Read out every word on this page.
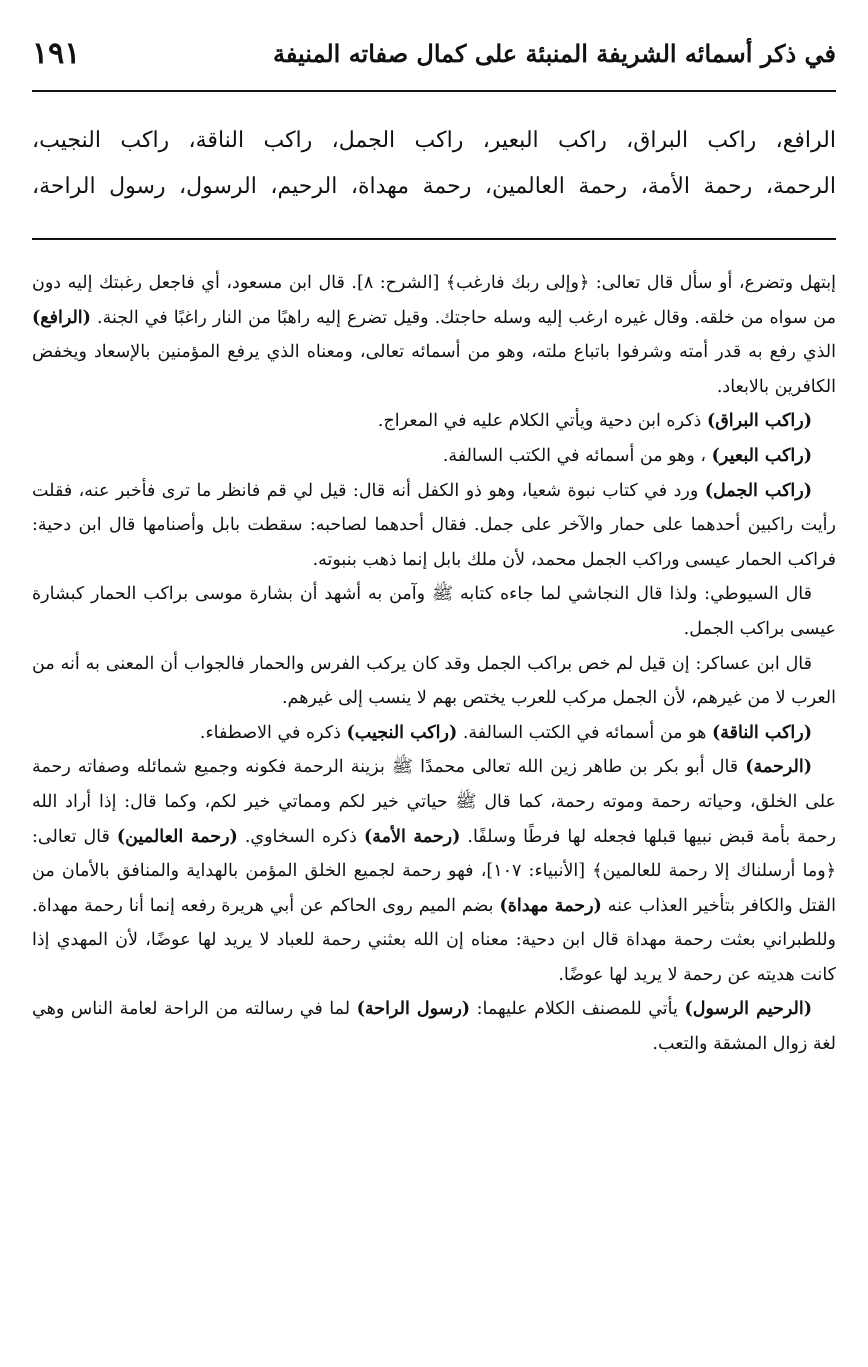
في ذكر أسمائه الشريفة المنبئة على كمال صفاته المنيفة
١٩١

الرافع، راكب البراق، راكب البعير، راكب الجمل، راكب الناقة، راكب النجيب،

الرحمة، رحمة الأمة، رحمة العالمين، رحمة مهداة، الرحيم، الرسول، رسول الراحة،

إبتهل وتضرع، أو سأل قال تعالى: ﴿وإلى ربك فارغب﴾ [الشرح: ٨]. قال ابن مسعود، أي فاجعل رغبتك إليه دون من سواه من خلقه. وقال غيره ارغب إليه وسله حاجتك. وقيل تضرع إليه راهبًا من النار راغبًا في الجنة. (الرافع) الذي رفع به قدر أمته وشرفوا باتباع ملته، وهو من أسمائه تعالى، ومعناه الذي يرفع المؤمنين بالإسعاد ويخفض الكافرين بالابعاد.

(راكب البراق) ذكره ابن دحية ويأتي الكلام عليه في المعراج.

(راكب البعير) ، وهو من أسمائه في الكتب السالفة.

(راكب الجمل) ورد في كتاب نبوة شعيا، وهو ذو الكفل أنه قال: قيل لي قم فانظر ما ترى فأخبر عنه، فقلت رأيت راكبين أحدهما على حمار والآخر على جمل. فقال أحدهما لصاحبه: سقطت بابل وأصنامها قال ابن دحية: فراكب الحمار عيسى وراكب الجمل محمد، لأن ملك بابل إنما ذهب بنبوته.

قال السيوطي: ولذا قال النجاشي لما جاءه كتابه ﷺ وآمن به أشهد أن بشارة موسى براكب الحمار كبشارة عيسى براكب الجمل.

قال ابن عساكر: إن قيل لم خص براكب الجمل وقد كان يركب الفرس والحمار فالجواب أن المعنى به أنه من العرب لا من غيرهم، لأن الجمل مركب للعرب يختص بهم لا ينسب إلى غيرهم.

(راكب الناقة) هو من أسمائه في الكتب السالفة. (راكب النجيب) ذكره في الاصطفاء.

(الرحمة) قال أبو بكر بن طاهر زين الله تعالى محمدًا ﷺ بزينة الرحمة فكونه وجميع شمائله وصفاته رحمة على الخلق، وحياته رحمة وموته رحمة، كما قال ﷺ حياتي خير لكم ومماتي خير لكم، وكما قال: إذا أراد الله رحمة بأمة قبض نبيها قبلها فجعله لها فرطًا وسلفًا. (رحمة الأمة) ذكره السخاوي. (رحمة العالمين) قال تعالى: ﴿وما أرسلناك إلا رحمة للعالمين﴾ [الأنبياء: ١٠٧]، فهو رحمة لجميع الخلق المؤمن بالهداية والمنافق بالأمان من القتل والكافر بتأخير العذاب عنه (رحمة مهداة) بضم الميم روى الحاكم عن أبي هريرة رفعه إنما أنا رحمة مهداة. وللطبراني بعثت رحمة مهداة قال ابن دحية: معناه إن الله بعثني رحمة للعباد لا يريد لها عوضًا، لأن المهدي إذا كانت هديته عن رحمة لا يريد لها عوضًا.

(الرحيم الرسول) يأتي للمصنف الكلام عليهما: (رسول الراحة) لما في رسالته من الراحة لعامة الناس وهي لغة زوال المشقة والتعب.
